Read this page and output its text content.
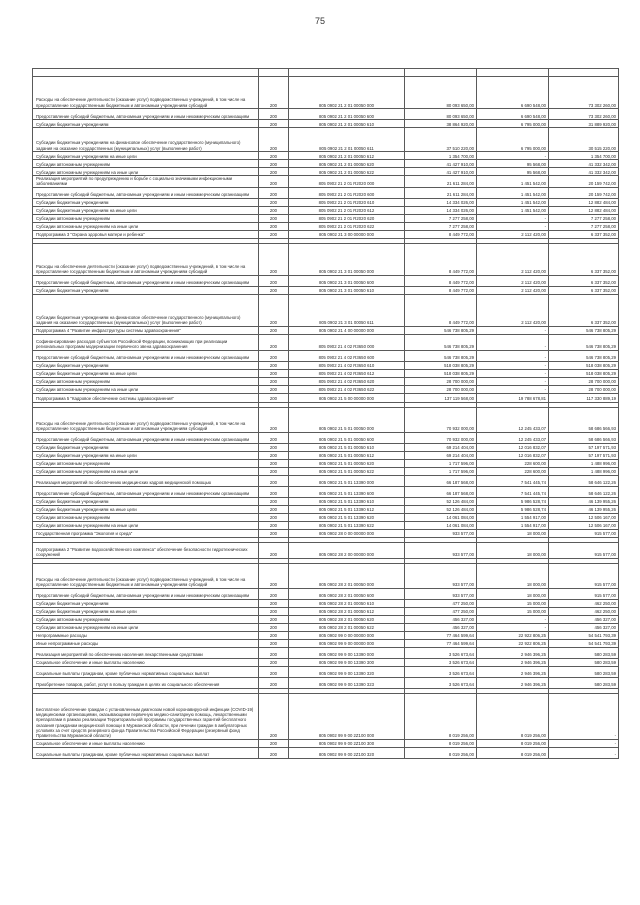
75

Расходы на обеспечение деятельности (оказание услуг) подведомственных учреждений, в том числе на предоставление государственным бюджетным и автономным учреждениям субсидий	200	805 0902 21 2 01 00050 000	80 093 650,00	6 690 548,00	73 302 260,00
Предоставление субсидий бюджетным, автономным учреждениям и иным некоммерческим организациям	200	805 0902 21 2 01 00050 600	80 093 650,00	6 690 548,00	73 302 260,00
Субсидии бюджетным учреждениям	200	805 0902 21 2 01 00050 610	38 864 920,00	6 795 000,00	31 889 920,00
Субсидии бюджетным учреждениям на финансовое обеспечение государственного (муниципального) задания на оказание государственных (муниципальных) услуг (выполнение работ)	200	805 0902 21 2 01 00050 611	37 510 220,00	6 795 000,00	30 515 220,00
Субсидии бюджетным учреждениям на иные цели	200	805 0902 21 2 01 00050 612	1 354 700,00	-	1 354 700,00
Субсидии автономным учреждениям	200	805 0902 21 2 01 00050 620	41 427 910,00	95 568,00	41 332 342,00
Субсидии автономным учреждениям на иные цели	200	805 0902 21 2 01 00050 622	41 427 910,00	95 568,00	41 332 342,00
Реализация мероприятий по предупреждению и борьбе с социально значимыми инфекционными заболеваниями	200	805 0902 21 2 01 R2020 000	21 611 284,00	1 451 542,00	20 159 742,00
Предоставление субсидий бюджетным, автономным учреждениям и иным некоммерческим организациям	200	805 0902 21 2 01 R2020 600	21 611 284,00	1 451 542,00	20 159 742,00
Субсидии бюджетным учреждениям	200	805 0902 21 2 01 R2020 610	14 334 026,00	1 451 542,00	12 882 484,00
Субсидии бюджетным учреждениям на иные цели	200	805 0902 21 2 01 R2020 612	14 334 026,00	1 451 542,00	12 882 484,00
Субсидии автономным учреждениям	200	805 0902 21 2 01 R2020 620	7 277 258,00	-	7 277 258,00
Субсидии автономным учреждениям на иные цели	200	805 0902 21 2 01 R2020 622	7 277 258,00	-	7 277 258,00
Подпрограмма 3 "Охрана здоровья матери и ребенка"	200	805 0902 21 3 00 00000 000	8 449 772,00	2 112 420,00	6 337 352,00

Расходы на обеспечение деятельности (оказание услуг) подведомственных учреждений, в том числе на предоставление государственным бюджетным и автономным учреждениям субсидий	200	805 0902 21 3 01 00050 000	8 449 772,00	2 112 420,00	6 337 352,00
Предоставление субсидий бюджетным, автономным учреждениям и иным некоммерческим организациям	200	805 0902 21 3 01 00050 600	8 449 772,00	2 112 420,00	6 337 352,00
Субсидии бюджетным учреждениям	200	805 0902 21 3 01 00050 610	8 449 772,00	2 112 420,00	6 337 352,00
Субсидии бюджетным учреждениям на финансовое обеспечение государственного (муниципального) задания на оказание государственных (муниципальных) услуг (выполнение работ)	200	805 0902 21 3 01 00050 611	8 449 772,00	2 112 420,00	6 337 352,00
Подпрограмма 4 "Развитие инфраструктуры системы здравоохранения"	200	805 0902 21 4 00 00000 000	546 738 805,29	-	546 738 805,29
Софинансирование расходов субъектов Российской Федерации, возникающих при реализации региональных программ модернизации первичного звена здравоохранения	200	805 0902 21 4 02 R3650 000	546 738 805,29	-	546 738 805,29
Предоставление субсидий бюджетным, автономным учреждениям и иным некоммерческим организациям	200	805 0902 21 4 02 R3650 600	546 738 805,29	-	546 738 805,29
Субсидии бюджетным учреждениям	200	805 0902 21 4 02 R3650 610	518 038 805,29	-	518 038 805,29
Субсидии бюджетным учреждениям на иные цели	200	805 0902 21 4 02 R3650 612	518 038 805,29	-	518 038 805,29
Субсидии автономным учреждениям	200	805 0902 21 4 02 R3650 620	28 700 000,00	-	28 700 000,00
Субсидии автономным учреждениям на иные цели	200	805 0902 21 4 02 R3650 622	28 700 000,00	-	28 700 000,00
Подпрограмма 5 "Кадровое обеспечение системы здравоохранения"	200	805 0902 21 5 00 00000 000	137 119 568,00	19 788 678,81	117 330 889,19

Расходы на обеспечение деятельности (оказание услуг) подведомственных учреждений, в том числе на предоставление государственным бюджетным и автономным учреждениям субсидий	200	805 0902 21 5 01 00050 000	70 932 000,00	12 245 433,07	58 686 566,93
Предоставление субсидий бюджетным, автономным учреждениям и иным некоммерческим организациям	200	805 0902 21 5 01 00050 600	70 932 000,00	12 245 433,07	58 686 566,93
Субсидии бюджетным учреждениям	200	805 0902 21 5 01 00050 610	69 214 404,00	12 016 832,07	57 197 571,93
Субсидии бюджетным учреждениям на иные цели	200	805 0902 21 5 01 00050 612	69 214 404,00	12 016 832,07	57 197 571,93
Субсидии автономным учреждениям	200	805 0902 21 5 01 00050 620	1 717 596,00	228 600,00	1 488 996,00
Субсидии автономным учреждениям на иные цели	200	805 0902 21 5 01 00050 622	1 717 596,00	228 600,00	1 488 996,00
Реализация мероприятий по обеспечению медицинских кадров медицинской помощью	200	805 0902 21 5 01 13390 000	66 187 568,00	7 541 445,74	58 646 122,26
Предоставление субсидий бюджетным, автономным учреждениям и иным некоммерческим организациям	200	805 0902 21 5 01 13390 600	66 187 568,00	7 541 445,74	58 646 122,26
Субсидии бюджетным учреждениям	200	805 0902 21 5 01 13390 610	52 126 484,00	5 986 528,74	46 139 955,26
Субсидии бюджетным учреждениям на иные цели	200	805 0902 21 5 01 13390 612	52 126 484,00	5 986 528,74	46 139 955,26
Субсидии автономным учреждениям	200	805 0902 21 5 01 13390 620	14 061 084,00	1 554 917,00	12 506 167,00
Субсидии автономным учреждениям на иные цели	200	805 0902 21 5 01 13390 622	14 061 084,00	1 554 917,00	12 506 167,00
Государственная программа "Экология и среда"	200	805 0902 28 0 00 00000 000	933 577,00	18 000,00	915 577,00

Подпрограмма 2 "Развитие водохозяйственного комплекса" обеспечение безопасности гидротехнических сооружений	200	805 0902 28 2 00 00000 000	933 577,00	18 000,00	915 577,00

Расходы на обеспечение деятельности (оказание услуг) подведомственных учреждений, в том числе на предоставление государственным бюджетным и автономным учреждениям субсидий	200	805 0902 28 2 01 00050 000	933 577,00	18 000,00	915 577,00
Предоставление субсидий бюджетным, автономным учреждениям и иным некоммерческим организациям	200	805 0902 28 2 01 00050 600	933 577,00	18 000,00	915 577,00
Субсидии бюджетным учреждениям	200	805 0902 28 2 01 00050 610	477 250,00	15 000,00	462 250,00
Субсидии бюджетным учреждениям на иные цели	200	805 0902 28 2 01 00050 612	477 250,00	15 000,00	462 250,00
Субсидии автономным учреждениям	200	805 0902 28 2 01 00050 620	456 327,00	-	456 327,00
Субсидии автономным учреждениям на иные цели	200	805 0902 28 2 01 00050 622	456 327,00	-	456 327,00
Непрограммные расходы	200	805 0902 99 0 00 00000 000	77 464 599,64	22 922 806,25	54 541 793,39
Иные непрограммные расходы	200	805 0902 99 9 00 00000 000	77 464 599,64	22 922 806,25	54 541 793,39
Реализация мероприятий по обеспечению населения лекарственными средствами	200	805 0902 99 9 00 13390 000	3 526 673,64	2 946 396,25	580 283,59
Социальное обеспечение и иные выплаты населению	200	805 0902 99 9 00 13390 300	3 526 673,64	2 946 396,25	580 283,59
Социальные выплаты гражданам, кроме публичных нормативных социальных выплат	200	805 0902 99 9 00 13390 320	3 526 673,64	2 946 396,25	580 283,59
Приобретение товаров, работ, услуг в пользу граждан в целях их социального обеспечения	200	805 0902 99 9 00 13390 323	3 526 673,64	2 946 396,25	580 283,59

Бесплатное обеспечение граждан с установленным диагнозом новой коронавирусной инфекции (COVID-19) медицинскими организациями, оказывающими первичную медико-санитарную помощь, лекарственными препаратами в рамках реализации Территориальной программы государственных гарантий бесплатного оказания гражданам медицинской помощи в Мурманской области, при лечении граждан в амбулаторных условиях за счет средств резервного фонда Правительства Российской Федерации (резервный фонд Правительства Мурманской области)	200	805 0902 99 9 00 2Z100 000	8 019 256,00	8 019 256,00	-
Социальное обеспечение и иные выплаты населению	200	805 0902 99 9 00 2Z100 300	8 019 256,00	8 019 256,00	-
Социальные выплаты гражданам, кроме публичных нормативных социальных выплат	200	805 0902 99 9 00 2Z100 320	8 019 256,00	8 019 256,00	-
